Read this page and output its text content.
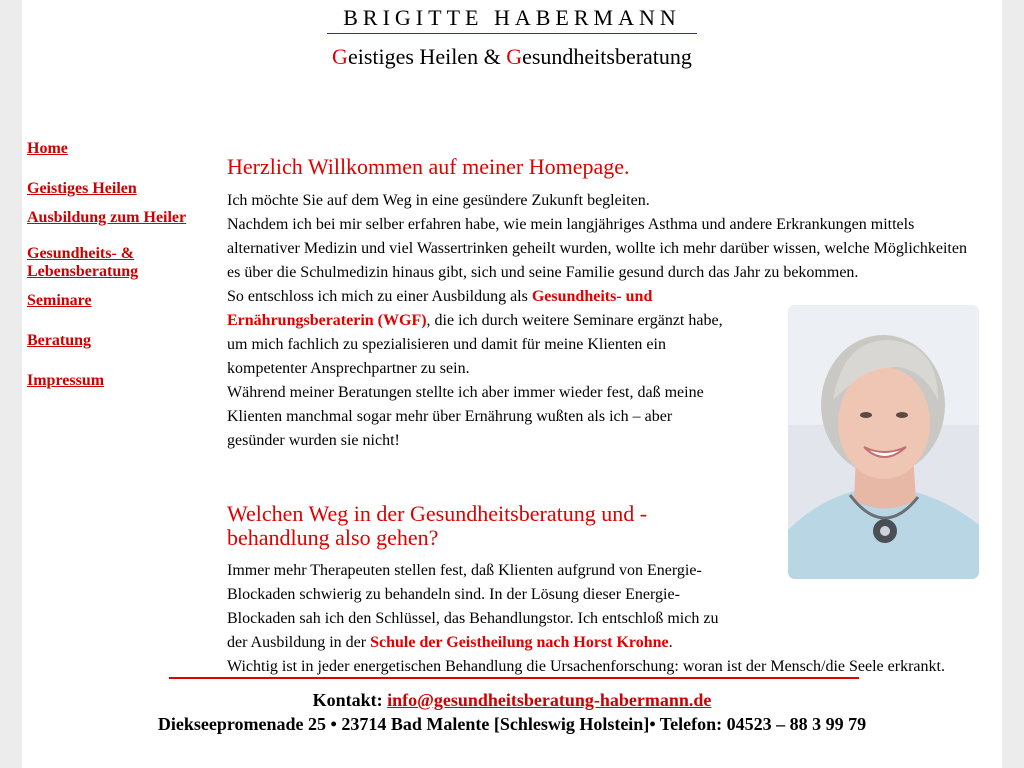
BRIGITTE HABERMANN
Geistiges Heilen & Gesundheitsberatung
Home
Geistiges Heilen
Ausbildung zum Heiler
Gesundheits- & Lebensberatung
Seminare
Beratung
Impressum
Herzlich Willkommen auf meiner Homepage.

Ich möchte Sie auf dem Weg in eine gesündere Zukunft begleiten.

Nachdem ich bei mir selber erfahren habe, wie mein langjähriges Asthma und andere Erkrankungen mittels alternativer Medizin und viel Wassertrinken geheilt wurden, wollte ich mehr darüber wissen, welche Möglichkeiten es über die Schulmedizin hinaus gibt, sich und seine Familie gesund durch das Jahr zu bekommen.

So entschloss ich mich zu einer Ausbildung als Gesundheits- und Ernährungsberaterin (WGF), die ich durch weitere Seminare ergänzt habe, um mich fachlich zu spezialisieren und damit für meine Klienten ein kompetenter Ansprechpartner zu sein.

Während meiner Beratungen stellte ich aber immer wieder fest, daß meine Klienten manchmal sogar mehr über Ernährung wußten als ich – aber gesünder wurden sie nicht!

Welchen Weg in der Gesundheitsberatung und -behandlung also gehen?

Immer mehr Therapeuten stellen fest, daß Klienten aufgrund von Energie-Blockaden schwierig zu behandeln sind. In der Lösung dieser Energie-Blockaden sah ich den Schlüssel, das Behandlungstor. Ich entschloß mich zu der Ausbildung in der Schule der Geistheilung nach Horst Krohne.

Wichtig ist in jeder energetischen Behandlung die Ursachenforschung: woran ist der Mensch/die Seele erkrankt.

Kontakt: info@gesundheitsberatung-habermann.de
Diekseepromenade 25 • 23714 Bad Malente [Schleswig Holstein]• Telefon: 04523 – 88 3 99 79
